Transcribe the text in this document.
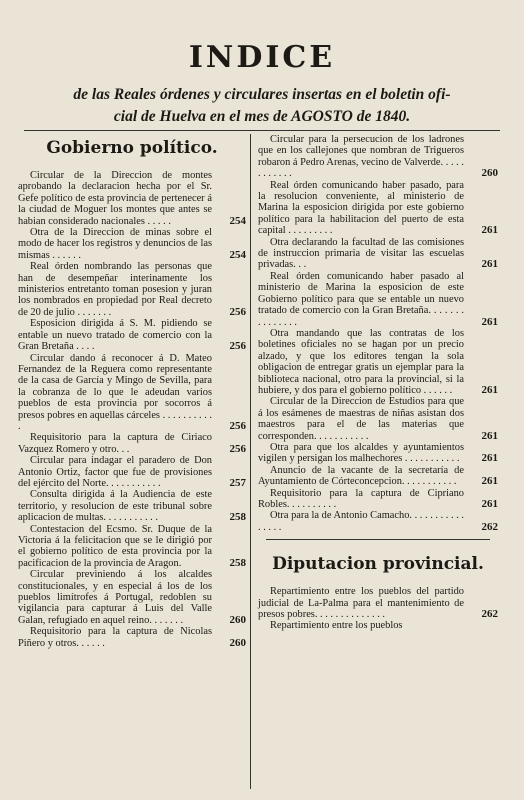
INDICE
de las Reales órdenes y circulares insertas en el boletin ofi-
cial de Huelva en el mes de AGOSTO de 1840.
Gobierno político.
Circular de la Direccion de montes aprobando la declaracion hecha por el Sr. Gefe político de esta provincia de pertenecer á la ciudad de Moguer los montes que antes se habian considerado nacionales . . . . .	254
Otra de la Direccion de minas sobre el modo de hacer los registros y denuncios de las mismas . . . . . .	254
Real órden nombrando las personas que han de desempeñar interinamente los ministerios entretanto toman posesion y juran los nombrados en propiedad por Real decreto de 20 de julio . . . . . . .	256
Esposicion dirigida á S. M. pidiendo se entable un nuevo tratado de comercio con la Gran Bretaña . . . .	256
Circular dando á reconocer á D. Mateo Fernandez de la Reguera como representante de la casa de García y Mingo de Sevilla, para la cobranza de lo que le adeudan varios pueblos de esta provincia por socorros á presos pobres en aquellas cárceles . . . . . . . . . . .	256
Requisitorio para la captura de Ciriaco Vazquez Romero y otro. . .	256
Circular para indagar el paradero de Don Antonio Ortiz, factor que fue de provisiones del ejército del Norte. . . . . . . . . . .	257
Consulta dirigida á la Audiencia de este territorio, y resolucion de este tribunal sobre aplicacion de multas. . . . . . . . . . .	258
Contestacion del Ecsmo. Sr. Duque de la Victoria á la felicitacion que se le dirigió por el gobierno político de esta provincia por la pacificacion de la provincia de Aragon.	258
Circular previniendo á los alcaldes constitucionales, y en especial á los de los pueblos limítrofes á Portugal, redoblen su vigilancia para capturar á Luis del Valle Galan, refugiado en aquel reino. . . . . . .	260
Requisitorio para la captura de Nicolas Piñero y otros. . . . . .	260
Circular para la persecucion de los ladrones que en los callejones que nombran de Trigueros robaron á Pedro Arenas, vecino de Valverde. . . . . . . . . . . .	260
Real órden comunicando haber pasado, para la resolucion conveniente, al ministerio de Marina la esposicion dirigida por este gobierno político para la habilitacion del puerto de esta capital . . . . . . . . .	261
Otra declarando la facultad de las comisiones de instruccion primaria de visitar las escuelas privadas. . .	261
Real órden comunicando haber pasado al ministerio de Marina la esposicion de este Gobierno político para que se entable un nuevo tratado de comercio con la Gran Bretaña. . . . . . . . . . . . . . .	261
Otra mandando que las contratas de los boletines oficiales no se hagan por un precio alzado, y que los editores tengan la sola obligacion de entregar gratis un ejemplar para la biblioteca nacional, otro para la provincial, si la hubiere, y dos para el gobierno político . . . . . .	261
Circular de la Direccion de Estudios para que á los esámenes de maestras de niñas asistan dos maestros para el de las materias que corresponden. . . . . . . . . . .	261
Otra para que los alcaldes y ayuntamientos vigilen y persigan los malhechores . . . . . . . . . . .	261
Anuncio de la vacante de la secretaría de Ayuntamiento de Córteconcepcion. . . . . . . . . . .	261
Requisitorio para la captura de Cipriano Robles. . . . . . . . . .	261
Otra para la de Antonio Camacho. . . . . . . . . . . . . . . .	262
Diputacion provincial.
Repartimiento entre los pueblos del partido judicial de La-Palma para el mantenimiento de presos pobres. . . . . . . . . . . . . .	262
Repartimiento entre los pueblos
